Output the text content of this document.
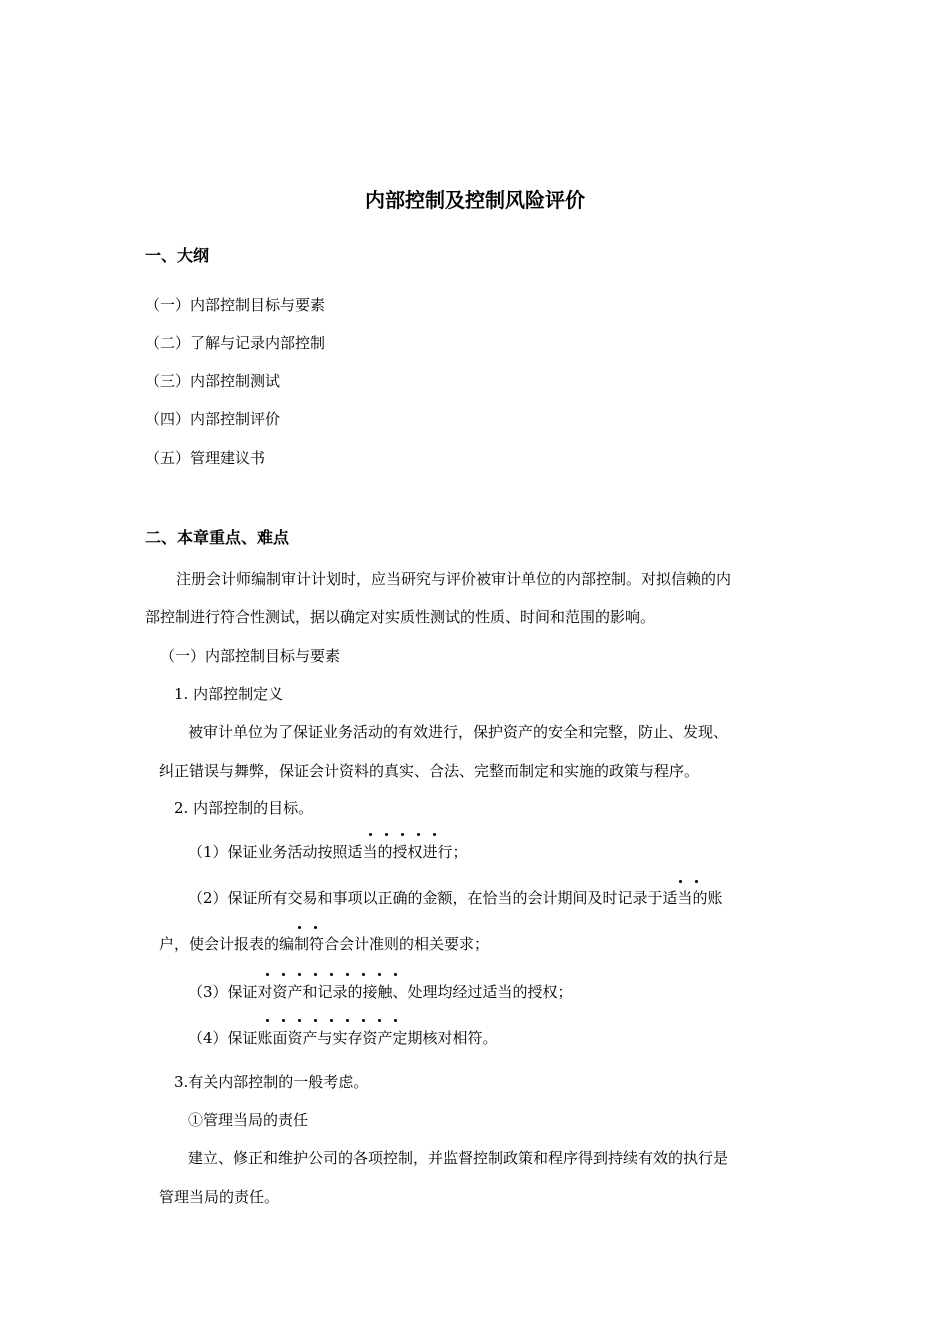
内部控制及控制风险评价
一、大纲
（一）内部控制目标与要素
（二）了解与记录内部控制
（三）内部控制测试
（四）内部控制评价
（五）管理建议书
二、本章重点、难点
注册会计师编制审计计划时，应当研究与评价被审计单位的内部控制。对拟信赖的内
部控制进行符合性测试，据以确定对实质性测试的性质、时间和范围的影响。
（一）内部控制目标与要素
1. 内部控制定义
被审计单位为了保证业务活动的有效进行，保护资产的安全和完整，防止、发现、
纠正错误与舞弊，保证会计资料的真实、合法、完整而制定和实施的政策与程序。
2. 内部控制的目标。
（1）保证业务活动按照适当的授权进行；
（2）保证所有交易和事项以正确的金额，在恰当的会计期间及时记录于适当的账
户，使会计报表的编制符合会计准则的相关要求；
（3）保证对资产和记录的接触、处理均经过适当的授权；
（4）保证账面资产与实存资产定期核对相符。
3.有关内部控制的一般考虑。
①管理当局的责任
建立、修正和维护公司的各项控制，并监督控制政策和程序得到持续有效的执行是
管理当局的责任。
